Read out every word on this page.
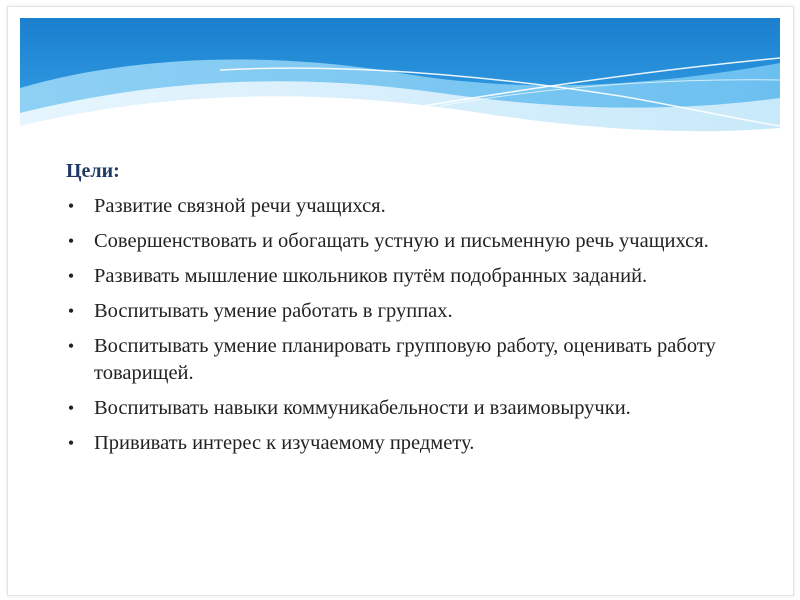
Цели:
• Развитие связной речи учащихся.
• Совершенствовать и обогащать устную и письменную речь учащихся.
• Развивать мышление школьников путём подобранных заданий.
• Воспитывать умение работать в группах.
• Воспитывать умение планировать групповую работу, оценивать работу товарищей.
• Воспитывать навыки коммуникабельности и взаимовыручки.
• Прививать интерес к изучаемому предмету.
